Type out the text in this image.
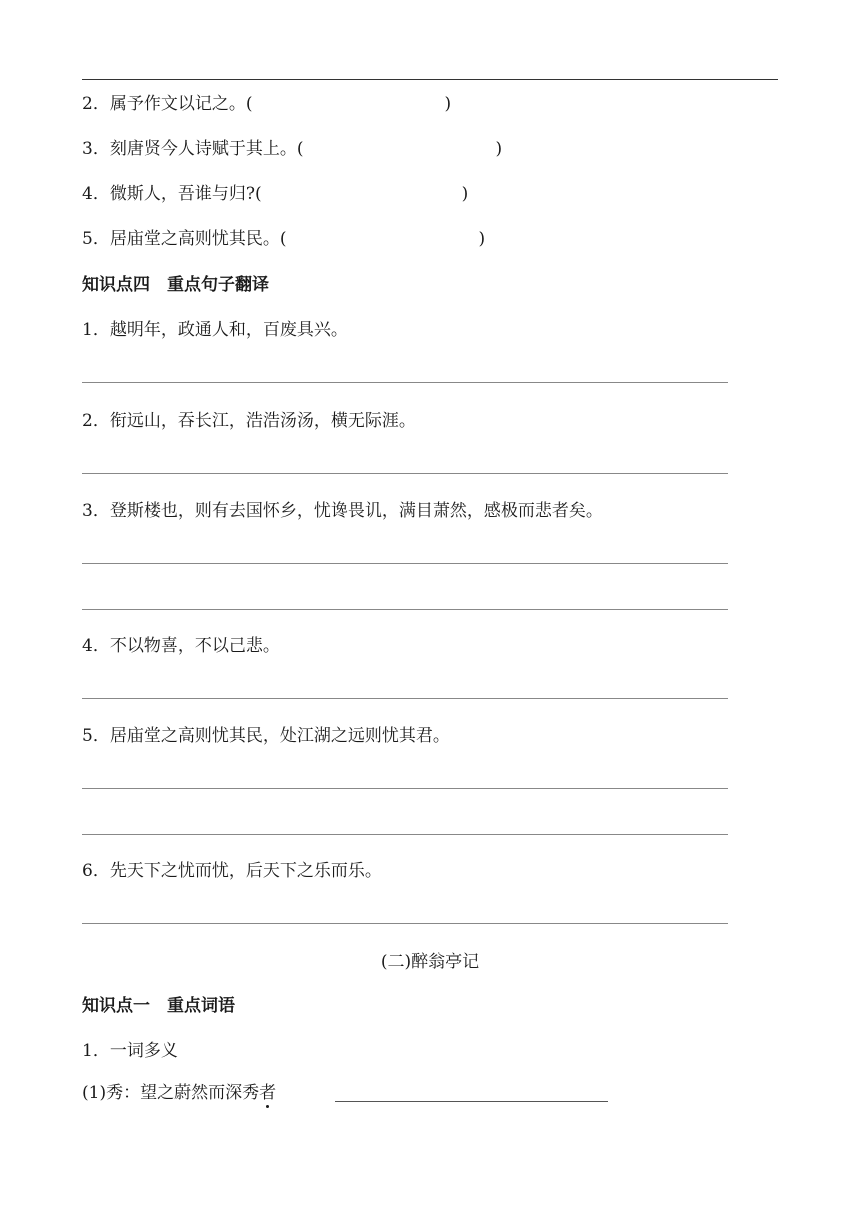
2．属予作文以记之。(	)
3．刻唐贤今人诗赋于其上。(	)
4．微斯人，吾谁与归?(	)
5．居庙堂之高则忧其民。(	)
知识点四　重点句子翻译
1．越明年，政通人和，百废具兴。
2．衔远山，吞长江，浩浩汤汤，横无际涯。
3．登斯楼也，则有去国怀乡，忧谗畏讥，满目萧然，感极而悲者矣。
4．不以物喜，不以己悲。
5．居庙堂之高则忧其民，处江湖之远则忧其君。
6．先天下之忧而忧，后天下之乐而乐。
(二)醉翁亭记
知识点一　重点词语
1．一词多义
(1)秀：望之蔚然而深秀者
